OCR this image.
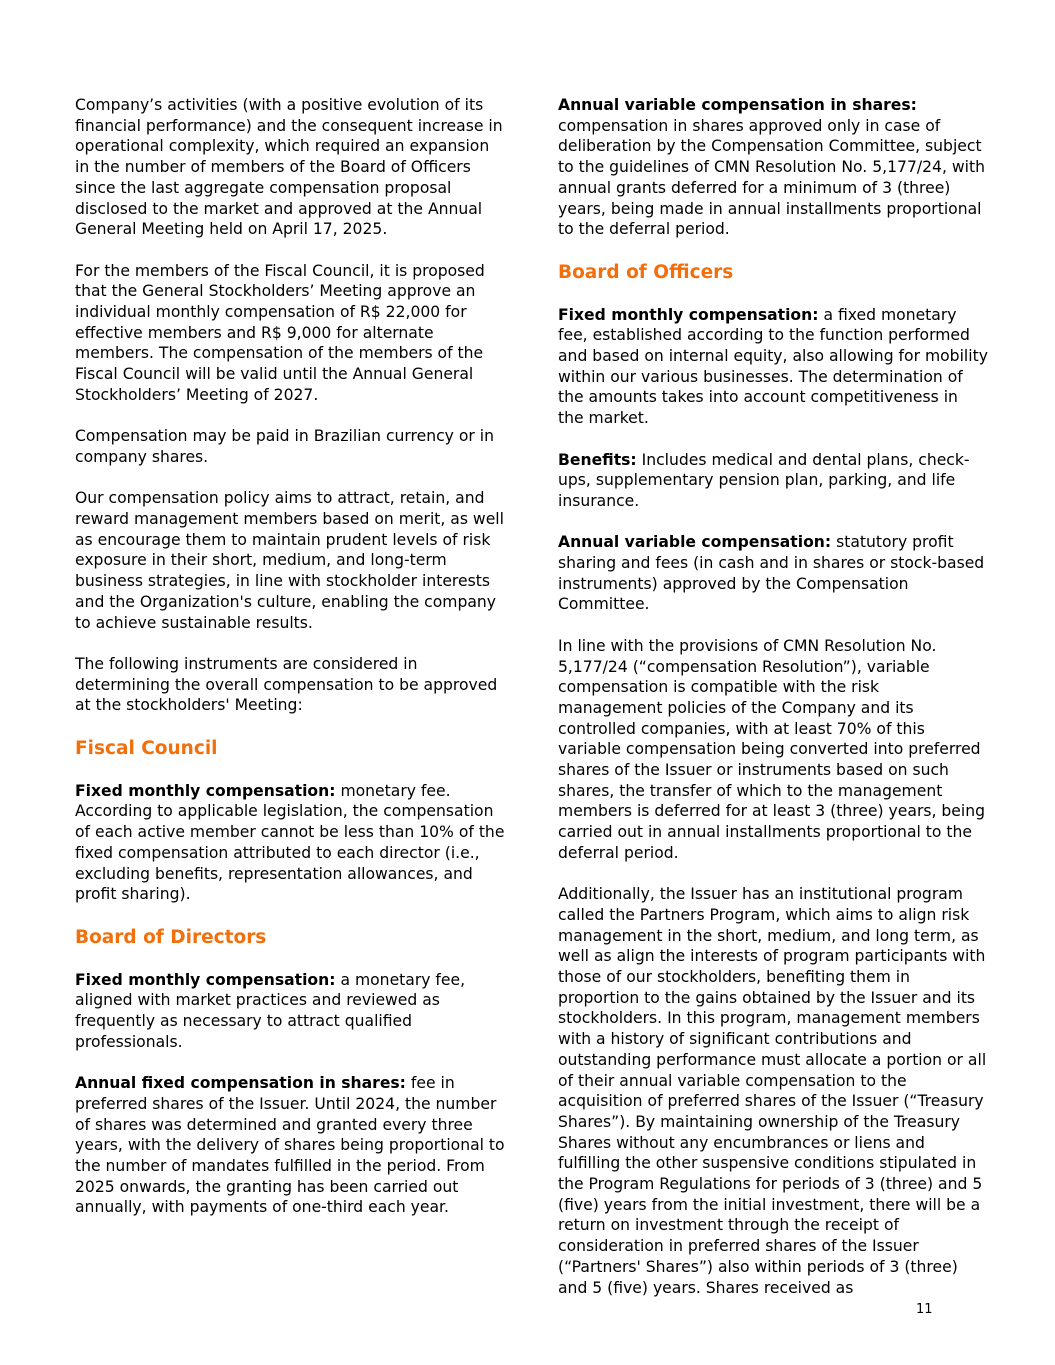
Company’s activities (with a positive evolution of its financial performance) and the consequent increase in operational complexity, which required an expansion in the number of members of the Board of Officers since the last aggregate compensation proposal disclosed to the market and approved at the Annual General Meeting held on April 17, 2025.

For the members of the Fiscal Council, it is proposed that the General Stockholders’ Meeting approve an individual monthly compensation of R$ 22,000 for effective members and R$ 9,000 for alternate members. The compensation of the members of the Fiscal Council will be valid until the Annual General Stockholders’ Meeting of 2027.

Compensation may be paid in Brazilian currency or in company shares.

Our compensation policy aims to attract, retain, and reward management members based on merit, as well as encourage them to maintain prudent levels of risk exposure in their short, medium, and long-term business strategies, in line with stockholder interests and the Organization's culture, enabling the company to achieve sustainable results.

The following instruments are considered in determining the overall compensation to be approved at the stockholders' Meeting:

Fiscal Council

Fixed monthly compensation: monetary fee. According to applicable legislation, the compensation of each active member cannot be less than 10% of the fixed compensation attributed to each director (i.e., excluding benefits, representation allowances, and profit sharing).

Board of Directors

Fixed monthly compensation: a monetary fee, aligned with market practices and reviewed as frequently as necessary to attract qualified professionals.

Annual fixed compensation in shares: fee in preferred shares of the Issuer. Until 2024, the number of shares was determined and granted every three years, with the delivery of shares being proportional to the number of mandates fulfilled in the period. From 2025 onwards, the granting has been carried out annually, with payments of one-third each year.

Annual variable compensation in shares:
compensation in shares approved only in case of deliberation by the Compensation Committee, subject to the guidelines of CMN Resolution No. 5,177/24, with annual grants deferred for a minimum of 3 (three) years, being made in annual installments proportional to the deferral period.

Board of Officers

Fixed monthly compensation: a fixed monetary fee, established according to the function performed and based on internal equity, also allowing for mobility within our various businesses. The determination of the amounts takes into account competitiveness in the market.

Benefits: Includes medical and dental plans, check-ups, supplementary pension plan, parking, and life insurance.

Annual variable compensation: statutory profit sharing and fees (in cash and in shares or stock-based instruments) approved by the Compensation Committee.

In line with the provisions of CMN Resolution No. 5,177/24 (“compensation Resolution”), variable compensation is compatible with the risk management policies of the Company and its controlled companies, with at least 70% of this variable compensation being converted into preferred shares of the Issuer or instruments based on such shares, the transfer of which to the management members is deferred for at least 3 (three) years, being carried out in annual installments proportional to the deferral period.

Additionally, the Issuer has an institutional program called the Partners Program, which aims to align risk management in the short, medium, and long term, as well as align the interests of program participants with those of our stockholders, benefiting them in proportion to the gains obtained by the Issuer and its stockholders. In this program, management members with a history of significant contributions and outstanding performance must allocate a portion or all of their annual variable compensation to the acquisition of preferred shares of the Issuer (“Treasury Shares”). By maintaining ownership of the Treasury Shares without any encumbrances or liens and fulfilling the other suspensive conditions stipulated in the Program Regulations for periods of 3 (three) and 5 (five) years from the initial investment, there will be a return on investment through the receipt of consideration in preferred shares of the Issuer (“Partners' Shares”) also within periods of 3 (three) and 5 (five) years. Shares received as

11
